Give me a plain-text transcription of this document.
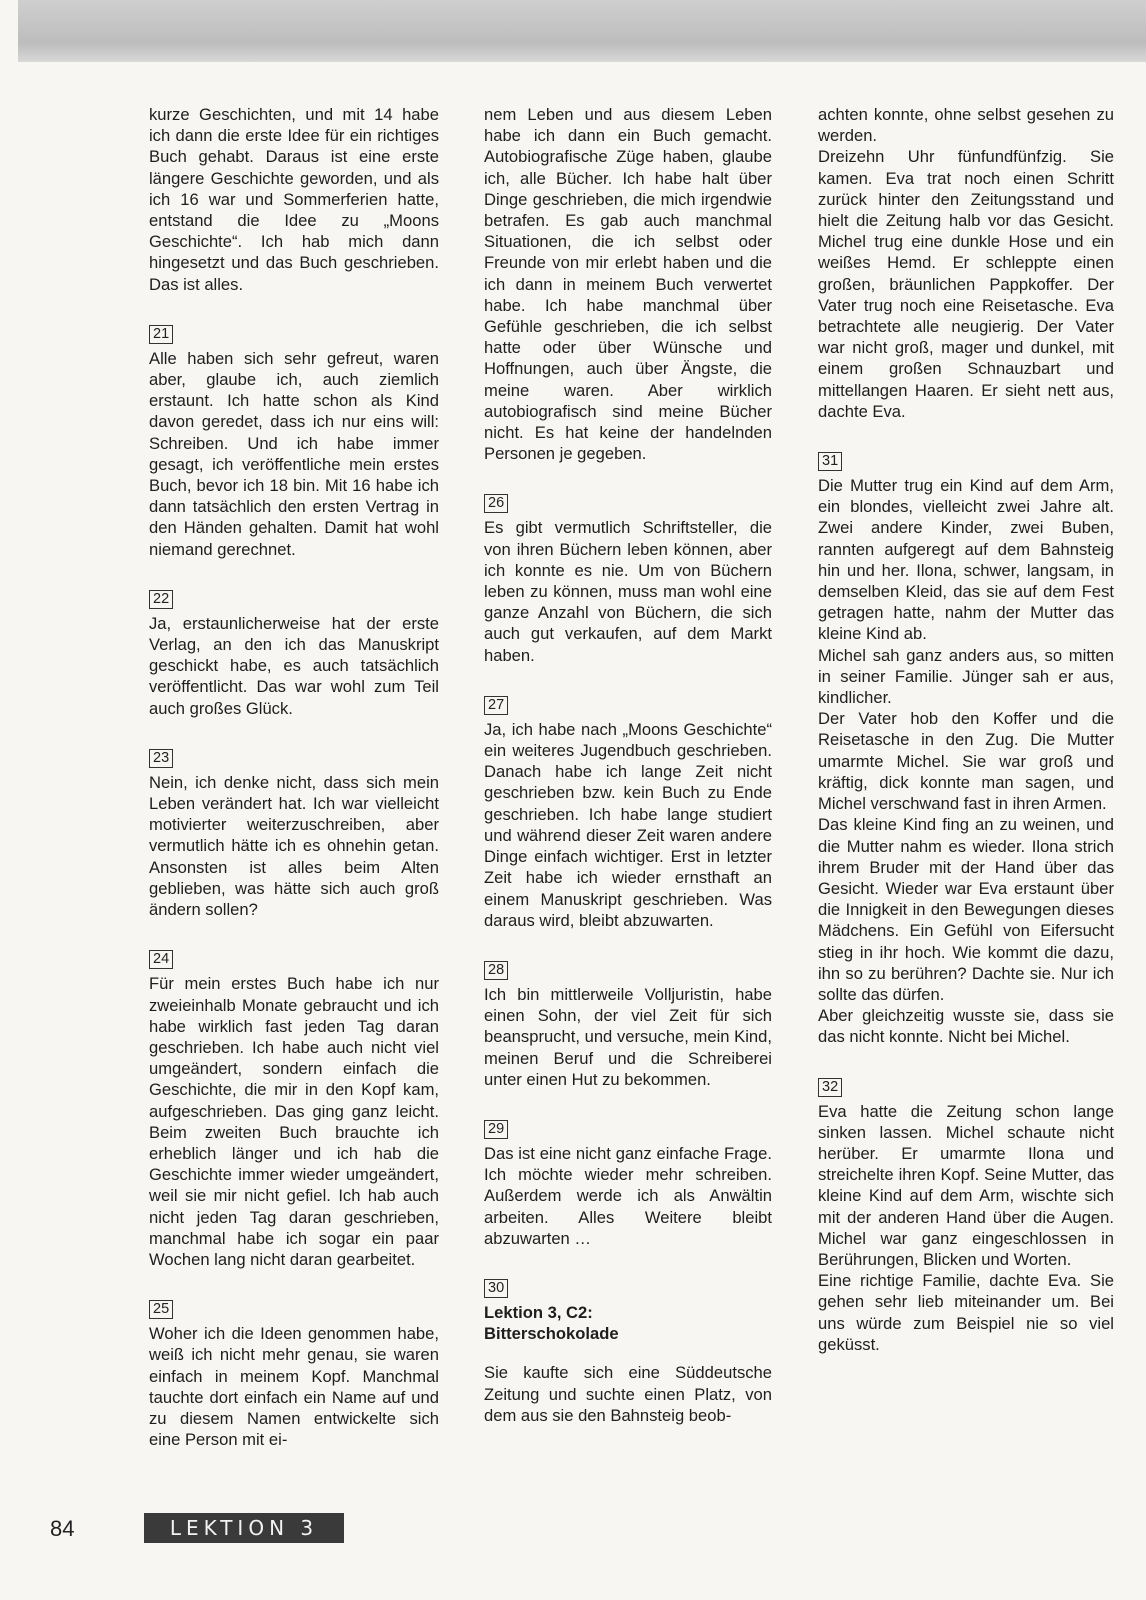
kurze Geschichten, und mit 14 habe ich dann die erste Idee für ein richtiges Buch gehabt. Daraus ist eine erste längere Geschichte geworden, und als ich 16 war und Sommerferien hatte, entstand die Idee zu „Moons Geschichte“. Ich hab mich dann hingesetzt und das Buch geschrieben. Das ist alles.

21

Alle haben sich sehr gefreut, waren aber, glaube ich, auch ziemlich erstaunt. Ich hatte schon als Kind davon geredet, dass ich nur eins will: Schreiben. Und ich habe immer gesagt, ich veröffentliche mein erstes Buch, bevor ich 18 bin. Mit 16 habe ich dann tatsächlich den ersten Vertrag in den Händen gehalten. Damit hat wohl niemand gerechnet.

22

Ja, erstaunlicherweise hat der erste Verlag, an den ich das Manuskript geschickt habe, es auch tatsächlich veröffentlicht. Das war wohl zum Teil auch großes Glück.

23

Nein, ich denke nicht, dass sich mein Leben verändert hat. Ich war vielleicht motivierter weiterzuschreiben, aber vermutlich hätte ich es ohnehin getan. Ansonsten ist alles beim Alten geblieben, was hätte sich auch groß ändern sollen?

24

Für mein erstes Buch habe ich nur zweieinhalb Monate gebraucht und ich habe wirklich fast jeden Tag daran geschrieben. Ich habe auch nicht viel umgeändert, sondern einfach die Geschichte, die mir in den Kopf kam, aufgeschrieben. Das ging ganz leicht. Beim zweiten Buch brauchte ich erheblich länger und ich hab die Geschichte immer wieder umgeändert, weil sie mir nicht gefiel. Ich hab auch nicht jeden Tag daran geschrieben, manchmal habe ich sogar ein paar Wochen lang nicht daran gearbeitet.

25

Woher ich die Ideen genommen habe, weiß ich nicht mehr genau, sie waren einfach in meinem Kopf. Manchmal tauchte dort einfach ein Name auf und zu diesem Namen entwickelte sich eine Person mit ei-

nem Leben und aus diesem Leben habe ich dann ein Buch gemacht. Autobiografische Züge haben, glaube ich, alle Bücher. Ich habe halt über Dinge geschrieben, die mich irgendwie betrafen. Es gab auch manchmal Situationen, die ich selbst oder Freunde von mir erlebt haben und die ich dann in meinem Buch verwertet habe. Ich habe manchmal über Gefühle geschrieben, die ich selbst hatte oder über Wünsche und Hoffnungen, auch über Ängste, die meine waren. Aber wirklich autobiografisch sind meine Bücher nicht. Es hat keine der handelnden Personen je gegeben.

26

Es gibt vermutlich Schriftsteller, die von ihren Büchern leben können, aber ich konnte es nie. Um von Büchern leben zu können, muss man wohl eine ganze Anzahl von Büchern, die sich auch gut verkaufen, auf dem Markt haben.

27

Ja, ich habe nach „Moons Geschichte“ ein weiteres Jugendbuch geschrieben. Danach habe ich lange Zeit nicht geschrieben bzw. kein Buch zu Ende geschrieben. Ich habe lange studiert und während dieser Zeit waren andere Dinge einfach wichtiger. Erst in letzter Zeit habe ich wieder ernsthaft an einem Manuskript geschrieben. Was daraus wird, bleibt abzuwarten.

28

Ich bin mittlerweile Volljuristin, habe einen Sohn, der viel Zeit für sich beansprucht, und versuche, mein Kind, meinen Beruf und die Schreiberei unter einen Hut zu bekommen.

29

Das ist eine nicht ganz einfache Frage. Ich möchte wieder mehr schreiben. Außerdem werde ich als Anwältin arbeiten. Alles Weitere bleibt abzuwarten …

30

Lektion 3, C2:

Bitterschokolade

Sie kaufte sich eine Süddeutsche Zeitung und suchte einen Platz, von dem aus sie den Bahnsteig beob-

achten konnte, ohne selbst gesehen zu werden.

Dreizehn Uhr fünfundfünfzig. Sie kamen. Eva trat noch einen Schritt zurück hinter den Zeitungsstand und hielt die Zeitung halb vor das Gesicht. Michel trug eine dunkle Hose und ein weißes Hemd. Er schleppte einen großen, bräunlichen Pappkoffer. Der Vater trug noch eine Reisetasche. Eva betrachtete alle neugierig. Der Vater war nicht groß, mager und dunkel, mit einem großen Schnauzbart und mittellangen Haaren. Er sieht nett aus, dachte Eva.

31

Die Mutter trug ein Kind auf dem Arm, ein blondes, vielleicht zwei Jahre alt. Zwei andere Kinder, zwei Buben, rannten aufgeregt auf dem Bahnsteig hin und her. Ilona, schwer, langsam, in demselben Kleid, das sie auf dem Fest getragen hatte, nahm der Mutter das kleine Kind ab.

Michel sah ganz anders aus, so mitten in seiner Familie. Jünger sah er aus, kindlicher.

Der Vater hob den Koffer und die Reisetasche in den Zug. Die Mutter umarmte Michel. Sie war groß und kräftig, dick konnte man sagen, und Michel verschwand fast in ihren Armen.

Das kleine Kind fing an zu weinen, und die Mutter nahm es wieder. Ilona strich ihrem Bruder mit der Hand über das Gesicht. Wieder war Eva erstaunt über die Innigkeit in den Bewegungen dieses Mädchens. Ein Gefühl von Eifersucht stieg in ihr hoch. Wie kommt die dazu, ihn so zu berühren? Dachte sie. Nur ich sollte das dürfen.

Aber gleichzeitig wusste sie, dass sie das nicht konnte. Nicht bei Michel.

32

Eva hatte die Zeitung schon lange sinken lassen. Michel schaute nicht herüber. Er umarmte Ilona und streichelte ihren Kopf. Seine Mutter, das kleine Kind auf dem Arm, wischte sich mit der anderen Hand über die Augen. Michel war ganz eingeschlossen in Berührungen, Blicken und Worten.

Eine richtige Familie, dachte Eva. Sie gehen sehr lieb miteinander um. Bei uns würde zum Beispiel nie so viel geküsst.

84	LEKTION 3
